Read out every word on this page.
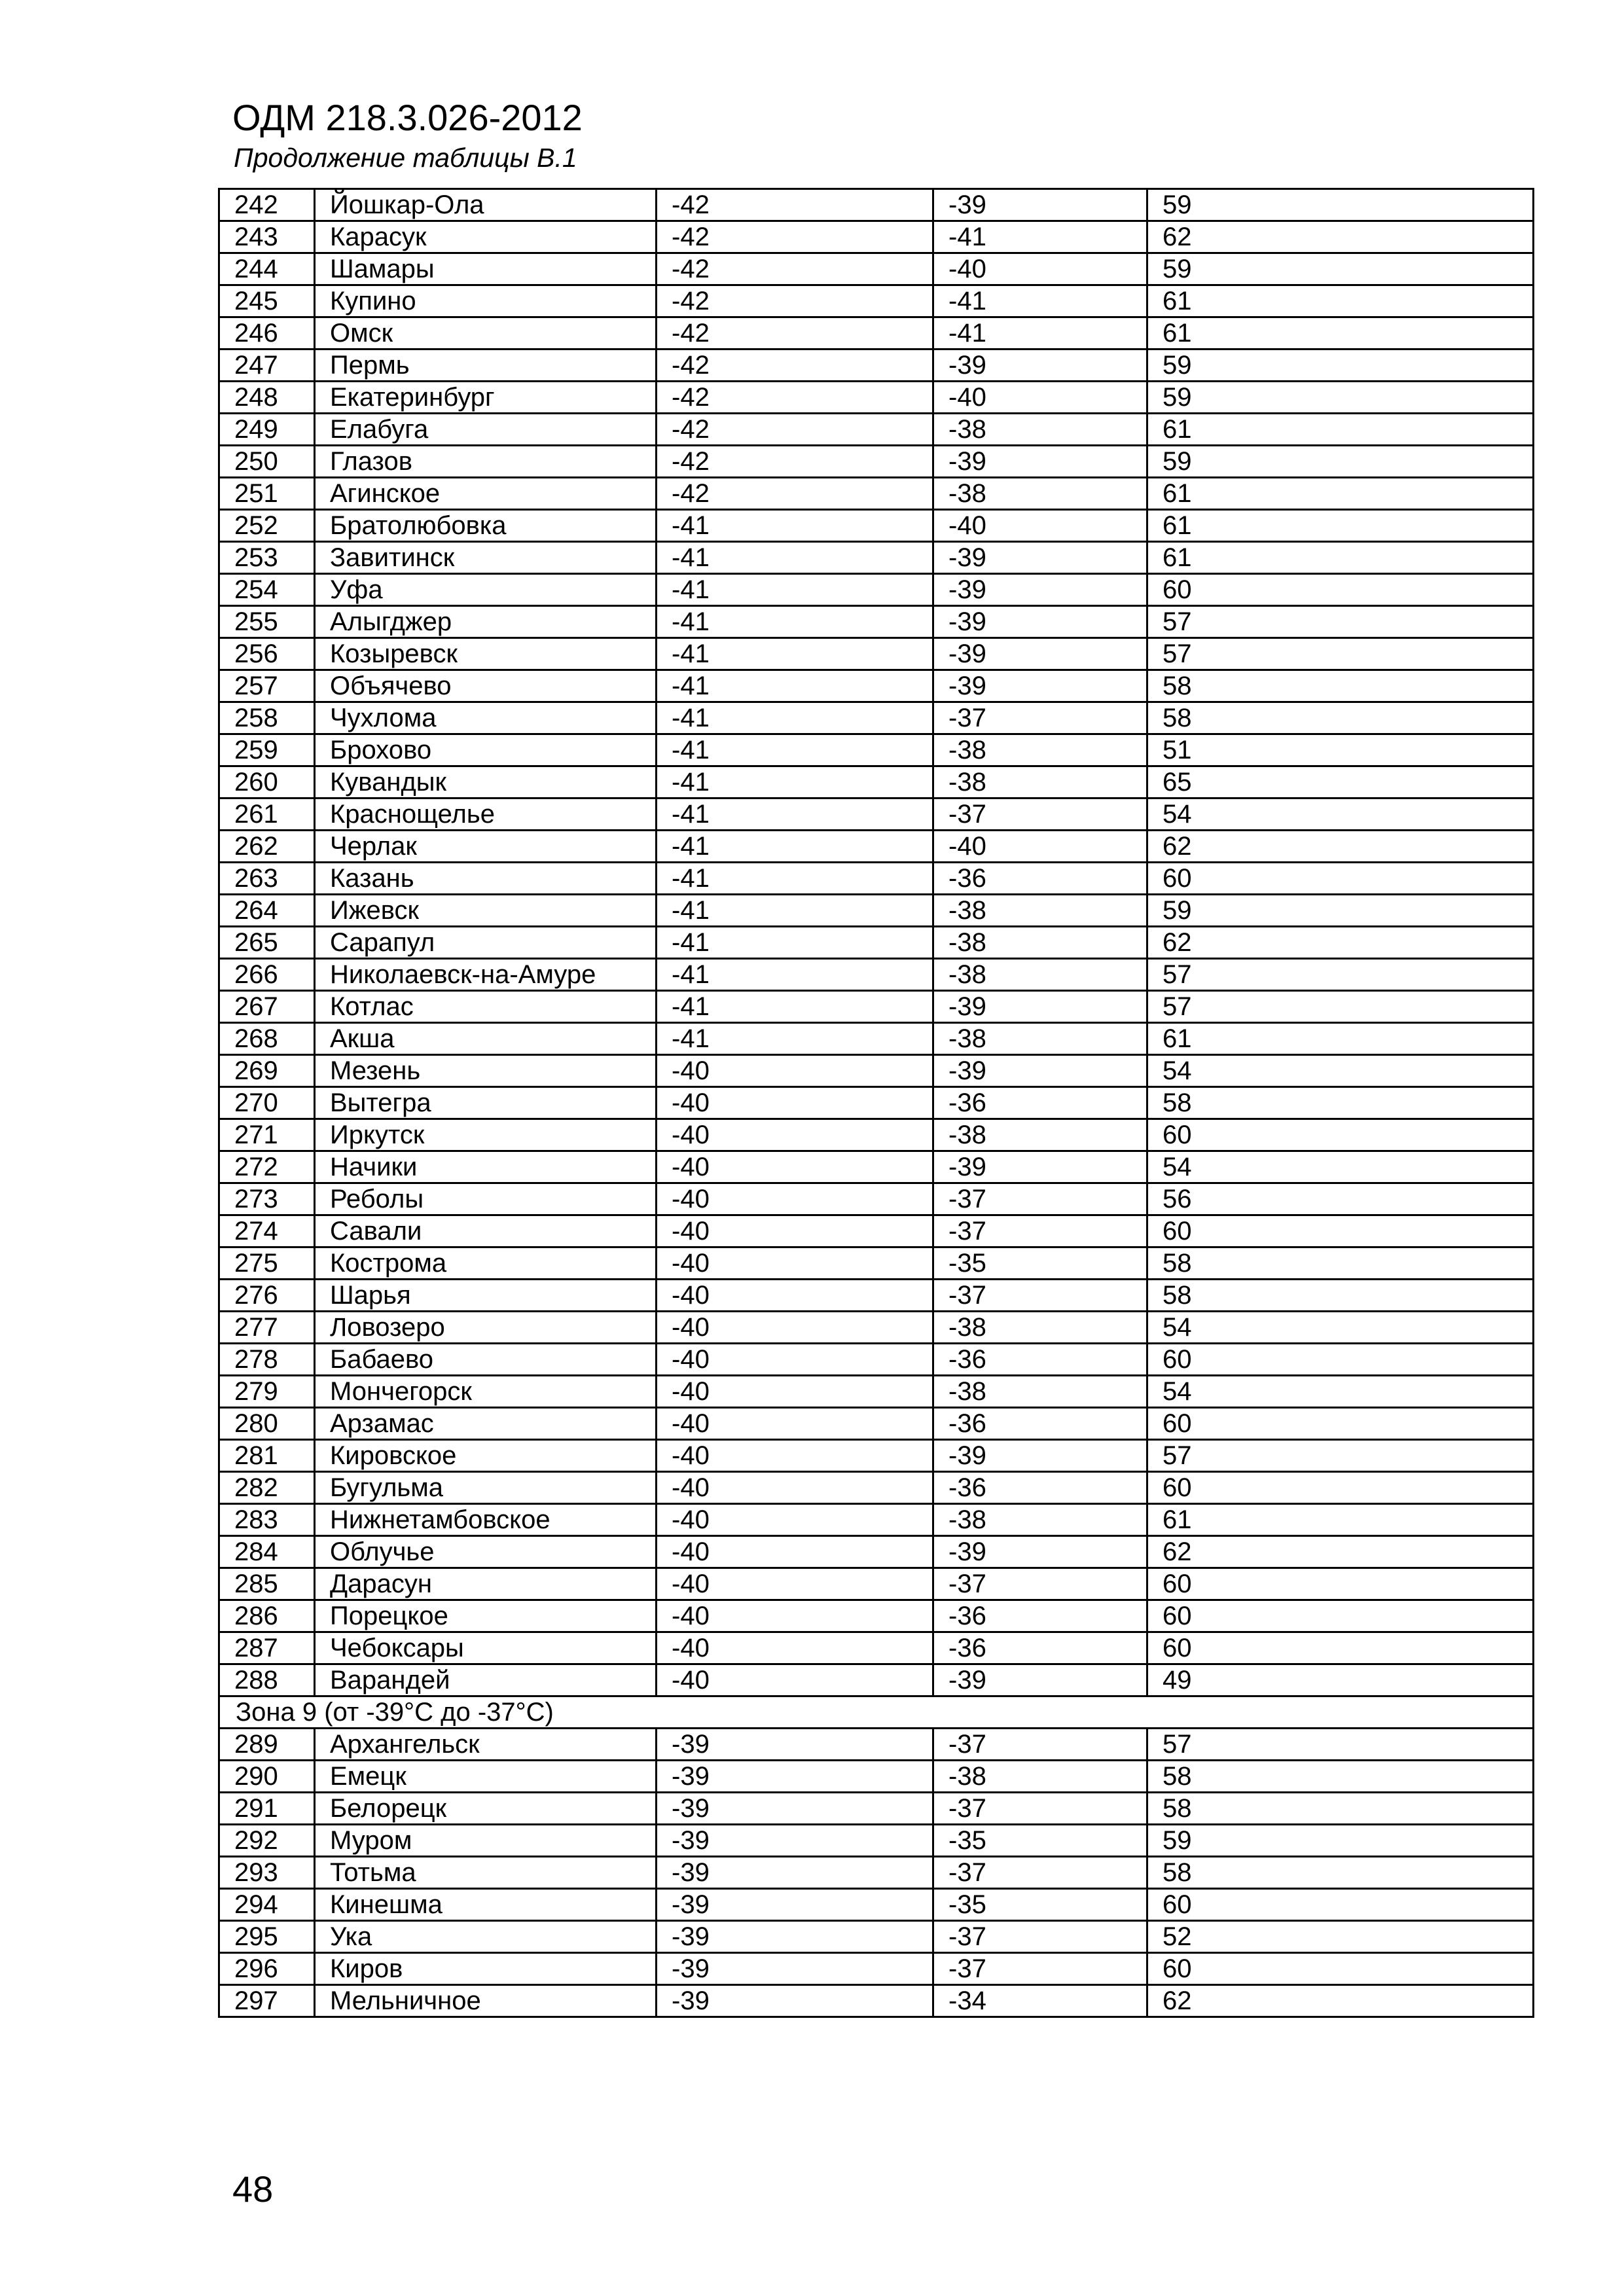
ОДМ 218.3.026-2012
Продолжение таблицы В.1
242	Йошкар-Ола	-42	-39	59
243	Карасук	-42	-41	62
244	Шамары	-42	-40	59
245	Купино	-42	-41	61
246	Омск	-42	-41	61
247	Пермь	-42	-39	59
248	Екатеринбург	-42	-40	59
249	Елабуга	-42	-38	61
250	Глазов	-42	-39	59
251	Агинское	-42	-38	61
252	Братолюбовка	-41	-40	61
253	Завитинск	-41	-39	61
254	Уфа	-41	-39	60
255	Алыгджер	-41	-39	57
256	Козыревск	-41	-39	57
257	Объячево	-41	-39	58
258	Чухлома	-41	-37	58
259	Брохово	-41	-38	51
260	Кувандык	-41	-38	65
261	Краснощелье	-41	-37	54
262	Черлак	-41	-40	62
263	Казань	-41	-36	60
264	Ижевск	-41	-38	59
265	Сарапул	-41	-38	62
266	Николаевск-на-Амуре	-41	-38	57
267	Котлас	-41	-39	57
268	Акша	-41	-38	61
269	Мезень	-40	-39	54
270	Вытегра	-40	-36	58
271	Иркутск	-40	-38	60
272	Начики	-40	-39	54
273	Реболы	-40	-37	56
274	Савали	-40	-37	60
275	Кострома	-40	-35	58
276	Шарья	-40	-37	58
277	Ловозеро	-40	-38	54
278	Бабаево	-40	-36	60
279	Мончегорск	-40	-38	54
280	Арзамас	-40	-36	60
281	Кировское	-40	-39	57
282	Бугульма	-40	-36	60
283	Нижнетамбовское	-40	-38	61
284	Облучье	-40	-39	62
285	Дарасун	-40	-37	60
286	Порецкое	-40	-36	60
287	Чебоксары	-40	-36	60
288	Варандей	-40	-39	49
Зона 9 (от -39°С до -37°С)				
289	Архангельск	-39	-37	57
290	Емецк	-39	-38	58
291	Белорецк	-39	-37	58
292	Муром	-39	-35	59
293	Тотьма	-39	-37	58
294	Кинешма	-39	-35	60
295	Ука	-39	-37	52
296	Киров	-39	-37	60
297	Мельничное	-39	-34	62
48
